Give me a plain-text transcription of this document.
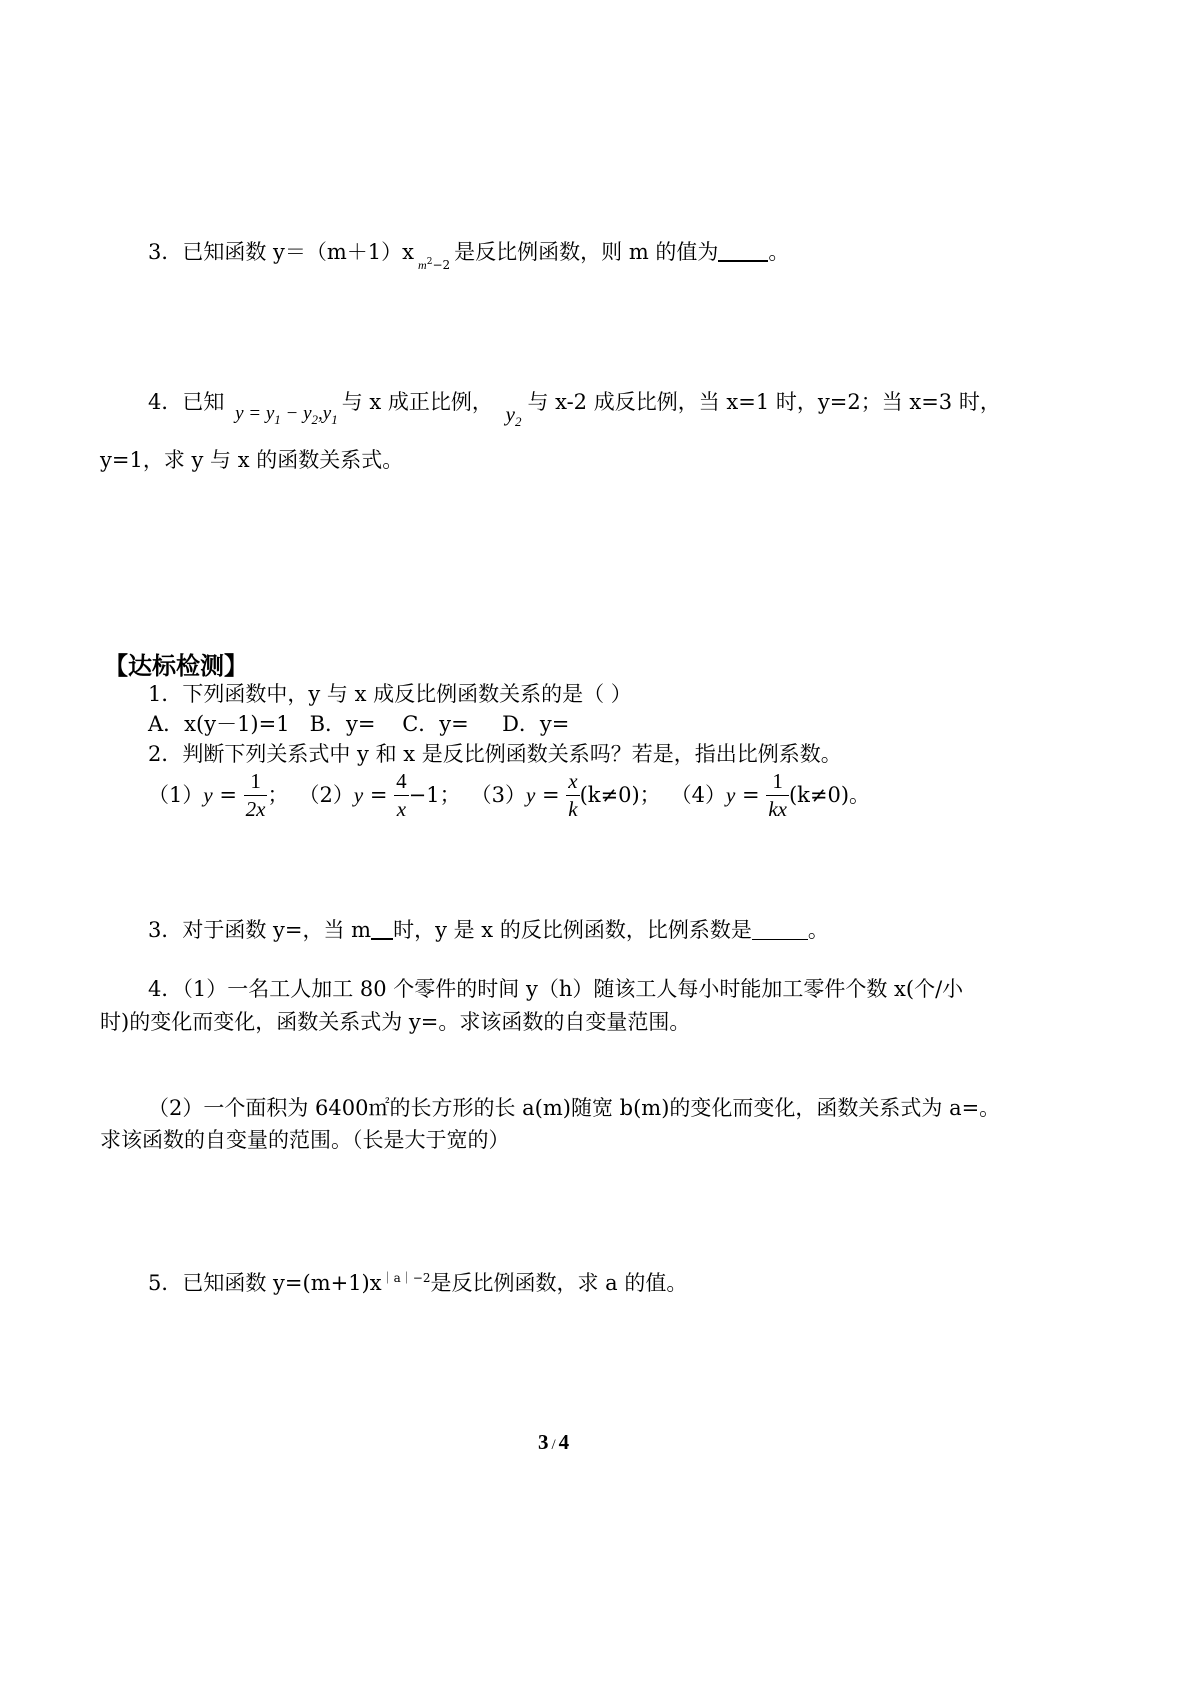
3．已知函数 $y=(m+1)xm^2-2$是反比例函数，则 m 的值为 。
4．已知 $y = y_1 - y_2,y_1$与 x 成正比例， $y_2$与 x-2 成反比例，当 x=1 时，y=2；当 x=3 时，
y=1，求 y 与 x 的函数关系式。
【达标检测】
1．下列函数中，y 与 x 成反比例函数关系的是（ ）
A．x(y－1)=1   B．y=    C．y=     D．y=
2．判断下列关系式中 y 和 x 是反比例函数关系吗？若是，指出比例系数。
（1） $y = \frac{1}{2x}$ ； （2） $y = \frac{4}{x} -1$； （3） $y = \frac{x}{k} (k\ne 0)$； （4） $y = \frac{1}{kx} (k\ne 0)$。
3．对于函数 y=，当 m 时，y 是 x 的反比例函数，比例系数是	。
4．（1）一名工人加工 80 个零件的时间 y（h）随该工人每小时能加工零件个数 x(个/小
时)的变化而变化，函数关系式为 y=。求该函数的自变量范围。
（2）一个面积为 6400㎡的长方形的长 a(m)随宽 b(m)的变化而变化，函数关系式为 a=。
求该函数的自变量的范围。（长是大于宽的）
5．已知函数 $y=(m+1)x^{|a|-2}$是反比例函数，求 a 的值。
3 / 4
